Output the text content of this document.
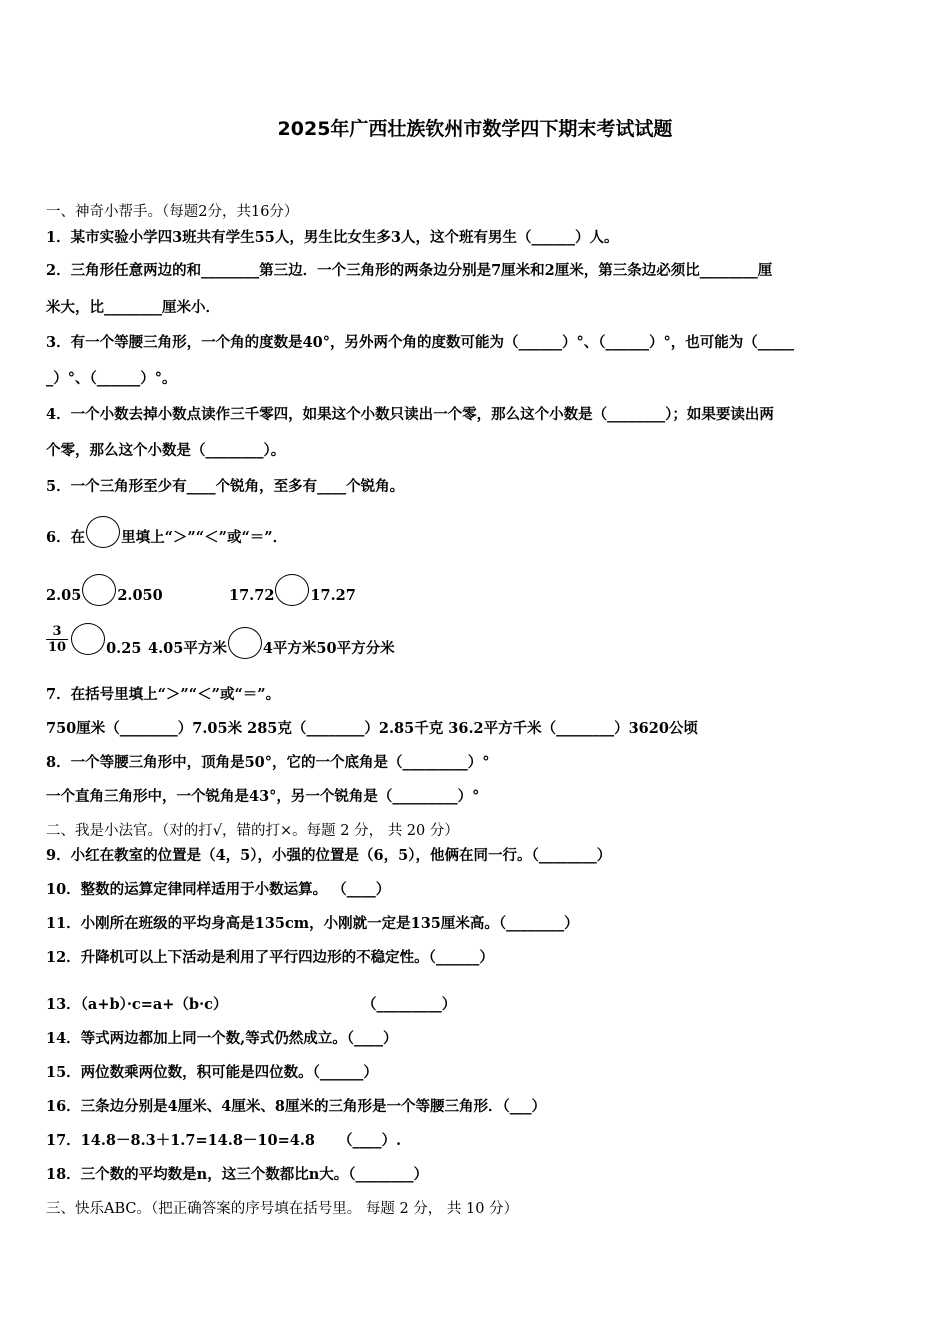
2025年广西壮族钦州市数学四下期末考试试题
一、神奇小帮手。（每题2分，共16分）
1．某市实验小学四3班共有学生55人，男生比女生多3人，这个班有男生（______）人。
2．三角形任意两边的和________第三边．一个三角形的两条边分别是7厘米和2厘米，第三条边必须比________厘
米大，比________厘米小．
3．有一个等腰三角形，一个角的度数是40°，另外两个角的度数可能为（______）°、（______）°，也可能为（_____
_）°、（______）°。
4．一个小数去掉小数点读作三千零四，如果这个小数只读出一个零，那么这个小数是（________）；如果要读出两
个零，那么这个小数是（________）。
5．一个三角形至少有____个锐角，至多有____个锐角。
6．在 里填上“＞”“＜”或“＝”．
2.05 2.050	17.72 17.27
$\frac{3}{10}$	0.25 4.05平方米 4平方米50平方分米
7．在括号里填上“＞”“＜”或“＝”。
750厘米（________）7.05米 285克（________）2.85千克 36.2平方千米（________）3620公顷
8．一个等腰三角形中，顶角是50°，它的一个底角是（_________）°
一个直角三角形中，一个锐角是43°，另一个锐角是（_________）°
二、我是小法官。（对的打√，错的打×。每题 2 分， 共 20 分）
9．小红在教室的位置是（4，5），小强的位置是（6，5），他俩在同一行。（________）
10．整数的运算定律同样适用于小数运算。 （____）
11．小刚所在班级的平均身高是135cm，小刚就一定是135厘米高。（________）
12．升降机可以上下活动是利用了平行四边形的不稳定性。（______）
13．（a+b）·c=a+（b·c）	（_________）
14．等式两边都加上同一个数,等式仍然成立。（____）
15．两位数乘两位数，积可能是四位数。（______）
16．三条边分别是4厘米、4厘米、8厘米的三角形是一个等腰三角形．（___）
17．14.8－8.3＋1.7=14.8－10=4.8 （____）.
18．三个数的平均数是n，这三个数都比n大。（________）
三、快乐ABC。（把正确答案的序号填在括号里。 每题 2 分， 共 10 分）
